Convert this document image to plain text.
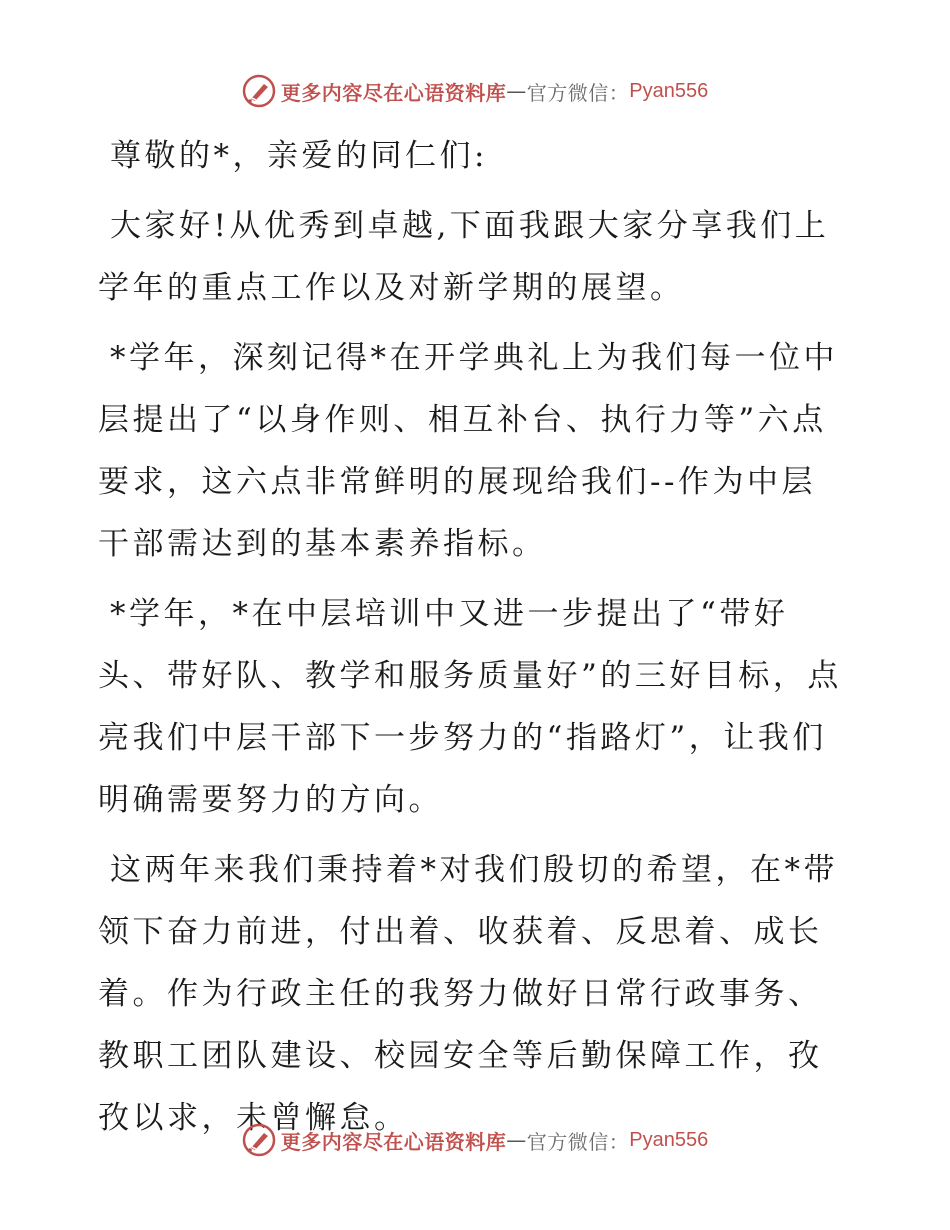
更多内容尽在心语资料库 — 官方微信： Pyan556
尊敬的*，亲爱的同仁们:
大家好!从优秀到卓越,下面我跟大家分享我们上学年的重点工作以及对新学期的展望。
*学年，深刻记得*在开学典礼上为我们每一位中层提出了“以身作则、相互补台、执行力等”六点要求，这六点非常鲜明的展现给我们--作为中层干部需达到的基本素养指标。
*学年，*在中层培训中又进一步提出了“带好头、带好队、教学和服务质量好”的三好目标，点亮我们中层干部下一步努力的“指路灯”，让我们明确需要努力的方向。
这两年来我们秉持着*对我们殷切的希望，在*带领下奋力前进，付出着、收获着、反思着、成长着。作为行政主任的我努力做好日常行政事务、教职工团队建设、校园安全等后勤保障工作，孜孜以求，未曾懈怠。
更多内容尽在心语资料库 — 官方微信： Pyan556
